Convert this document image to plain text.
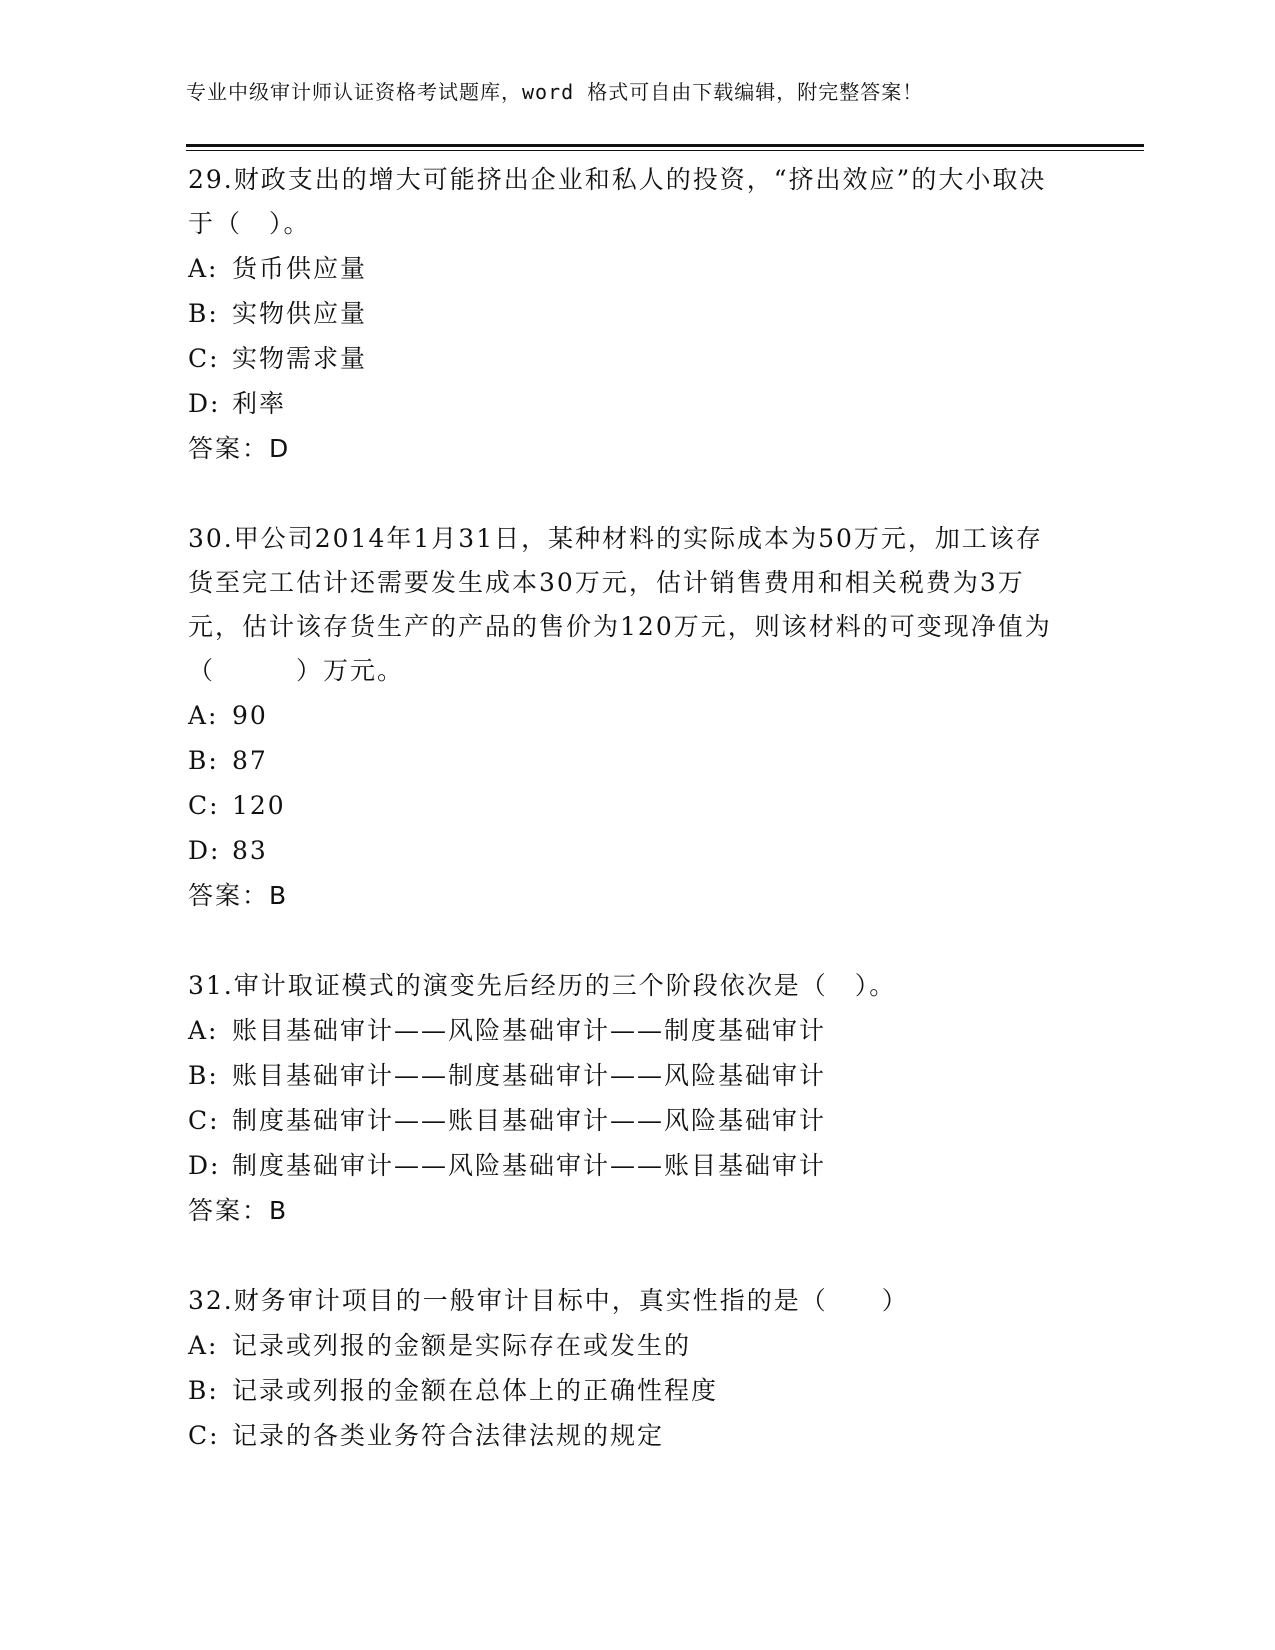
专业中级审计师认证资格考试题库，word 格式可自由下载编辑，附完整答案！

29.财政支出的增大可能挤出企业和私人的投资，“挤出效应”的大小取决于（　）。

A: 货币供应量

B: 实物供应量

C: 实物需求量

D: 利率

答案：D

30.甲公司2014年1月31日，某种材料的实际成本为50万元，加工该存货至完工估计还需要发生成本30万元，估计销售费用和相关税费为3万元，估计该存货生产的产品的售价为120万元，则该材料的可变现净值为（　　　）万元。

A: 90

B: 87

C: 120

D: 83

答案：B

31.审计取证模式的演变先后经历的三个阶段依次是（　）。

A: 账目基础审计——风险基础审计——制度基础审计

B: 账目基础审计——制度基础审计——风险基础审计

C: 制度基础审计——账目基础审计——风险基础审计

D: 制度基础审计——风险基础审计——账目基础审计

答案：B

32.财务审计项目的一般审计目标中，真实性指的是（　　）

A: 记录或列报的金额是实际存在或发生的

B: 记录或列报的金额在总体上的正确性程度

C: 记录的各类业务符合法律法规的规定
